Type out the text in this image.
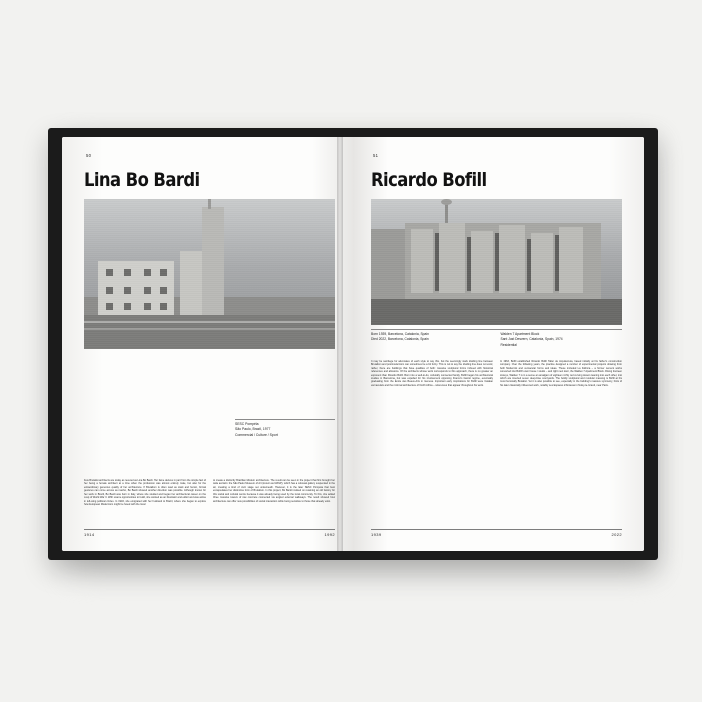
50
Lina Bo Bardi
SESC Pompéia
São Paulo, Brazil, 1977
Commercial / Culture / Sport
Few Brutalist architects are today as revered as Lina Bo Bardi. Her fame derives in part from the simple fact of her being a female architect at a time when the profession was almost entirely male, but also for the extraordinary generous quality of her architecture. If Brutalism is often read as stark and heroic, formal gestures can come across as macho, Bo Bardi showed another direction was possible. Although known for her work in Brazil, Bo Bardi was born in Italy, where she studied and began her architectural career on the cusp of World War II. With scarce opportunities to build, she worked as an illustrator and editor and was active in left-wing political circles. In 1946, she emigrated with her husband to Brazil, where she began to explore how European Modernism might be fused with the local
to create a distinctly Brazilian Modern architecture. The result can be seen in the project that first brought her wide acclaim: the São Paulo Museum of Art (known as MASP), which has a colossal gallery suspended in the air, creating a kind of civic stage set underneath. However, it is the later SESC Pompéia that best encapsulates her distinctive form of Brutalism. In this project, Bo Bardi insisted on retaining an old factory for this social and cultural centre because it was already being used by the local community. To this, she added three massive towers of raw concrete connected via angled external walkways. The result showed how architecture can offer new possibilities of social interaction while being sensitive to those that already exist.
1914	1992
51
Ricardo Bofill
Born 1939, Barcelona, Catalonia, Spain
Died 2022, Barcelona, Catalonia, Spain
Walden 7 Apartment Block
Sant Just Desvern, Catalonia, Spain, 1974
Residential
It may be sacrilege for advocates of each style to say this, but the seemingly stark dividing line between Brutalism and postmodernism can sometimes be a bit fuzzy. This is not to say the dividing line does not exist; rather, there are buildings that have qualities of both: massive sculptural forms imbued with historical references and allusions. Of the architects whose work corresponds to this approach, there is no greater an exponent than Ricardo Bofill. Born into a well-to-do, culturally connected family, Bofill began his architectural studies in Barcelona, but was expelled for his involvement opposing Franco's fascist regime, eventually graduating from the École des Beaux-Arts in Geneva. Important early inspirations for Bofill were Catalan vernaculars and the minimal architecture of North Africa – references that appear throughout his work.
In 1963, Bofill established Ricardo Bofill Taller de Arquitectura, based initially at his father's construction company. Over the following years, the practice designed a number of experimental projects drawing from both Modernist and vernacular forms and ideas. These included La Fábrica – a former cement works converted into Bofill's own house / studio – and right next door, the Walden 7 Apartment Block. Rising fourteen storeys, Walden 7 is in a sense an amalgam of eighteen richly red curving towers leaning into each other, into which are inserted seven deep-blue courtyards. The boldly sculptural and modular massing is Bofill at his most heroically Brutalist. Yet it is also possible to see, especially in the building's massive symmetry, hints of his later classically influenced work, notably Les Espaces d'Abraxas in Noisy-le-Grand, near Paris.
1939	2022
